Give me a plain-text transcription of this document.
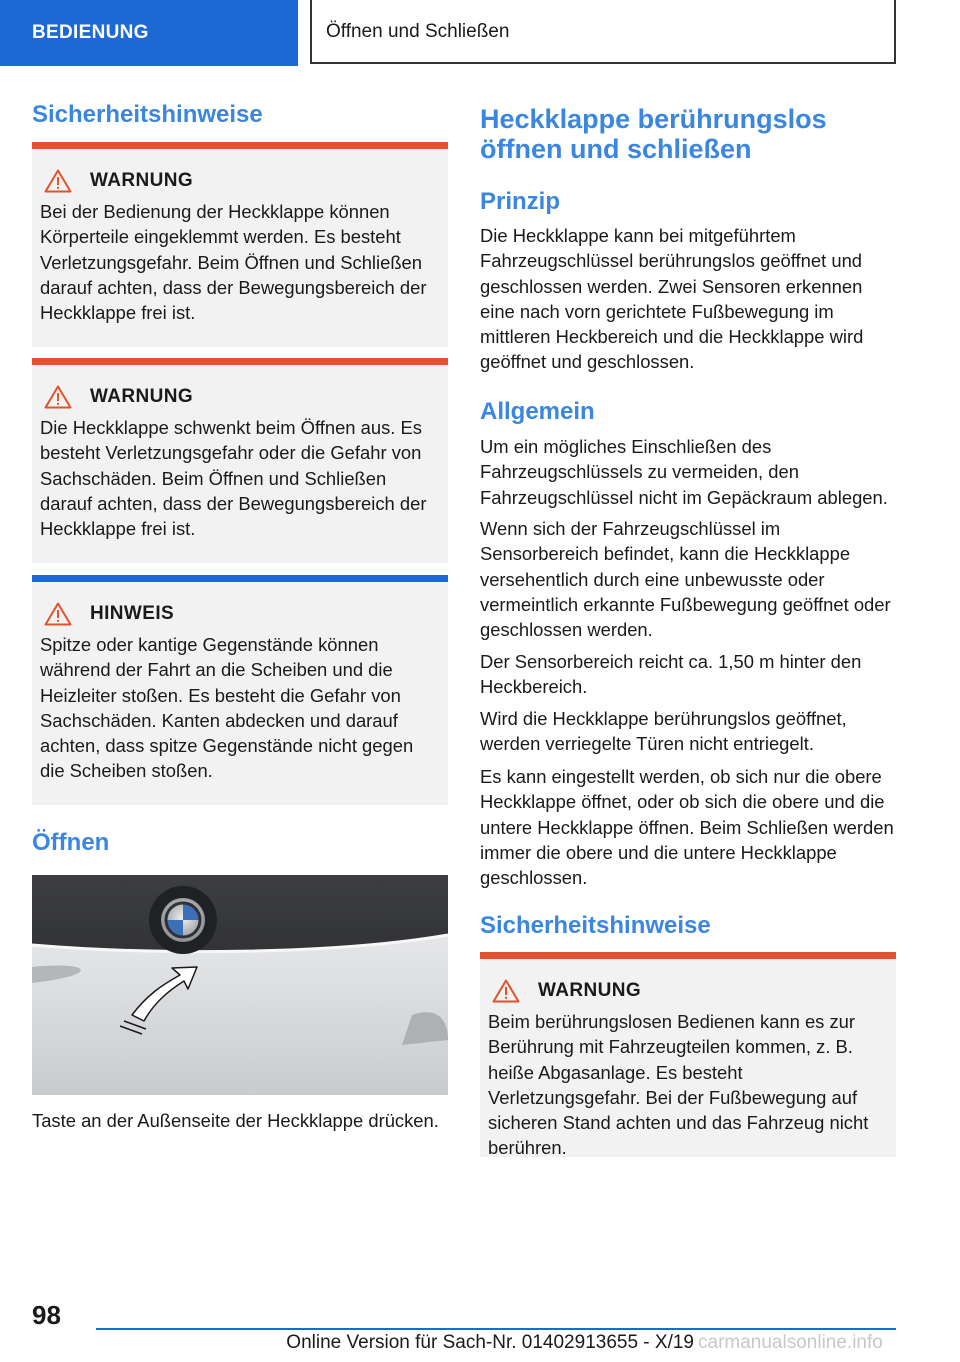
BEDIENUNG	Öffnen und Schließen
Sicherheitshinweise
WARNUNG
Bei der Bedienung der Heckklappe können Körperteile eingeklemmt werden. Es besteht Verletzungsgefahr. Beim Öffnen und Schließen darauf achten, dass der Bewegungsbereich der Heckklappe frei ist.
WARNUNG
Die Heckklappe schwenkt beim Öffnen aus. Es besteht Verletzungsgefahr oder die Gefahr von Sachschäden. Beim Öffnen und Schließen darauf achten, dass der Bewegungsbereich der Heckklappe frei ist.
HINWEIS
Spitze oder kantige Gegenstände können während der Fahrt an die Scheiben und die Heizleiter stoßen. Es besteht die Gefahr von Sachschäden. Kanten abdecken und darauf achten, dass spitze Gegenstände nicht gegen die Scheiben stoßen.
Öffnen

Taste an der Außenseite der Heckklappe drücken.

Heckklappe berührungslos öffnen und schließen
Prinzip

Die Heckklappe kann bei mitgeführtem Fahrzeugschlüssel berührungslos geöffnet und geschlossen werden. Zwei Sensoren erkennen eine nach vorn gerichtete Fußbewegung im mittleren Heckbereich und die Heckklappe wird geöffnet und geschlossen.

Allgemein

Um ein mögliches Einschließen des Fahrzeugschlüssels zu vermeiden, den Fahrzeugschlüssel nicht im Gepäckraum ablegen.

Wenn sich der Fahrzeugschlüssel im Sensorbereich befindet, kann die Heckklappe versehentlich durch eine unbewusste oder vermeintlich erkannte Fußbewegung geöffnet oder geschlossen werden.

Der Sensorbereich reicht ca. 1,50 m hinter den Heckbereich.

Wird die Heckklappe berührungslos geöffnet, werden verriegelte Türen nicht entriegelt.

Es kann eingestellt werden, ob sich nur die obere Heckklappe öffnet, oder ob sich die obere und die untere Heckklappe öffnen. Beim Schließen werden immer die obere und die untere Heckklappe geschlossen.

Sicherheitshinweise
WARNUNG
Beim berührungslosen Bedienen kann es zur Berührung mit Fahrzeugteilen kommen, z. B. heiße Abgasanlage. Es besteht Verletzungsgefahr. Bei der Fußbewegung auf sicheren Stand achten und das Fahrzeug nicht berühren.
98
Online Version für Sach-Nr. 01402913655 - X/19 carmanualsonline.info
